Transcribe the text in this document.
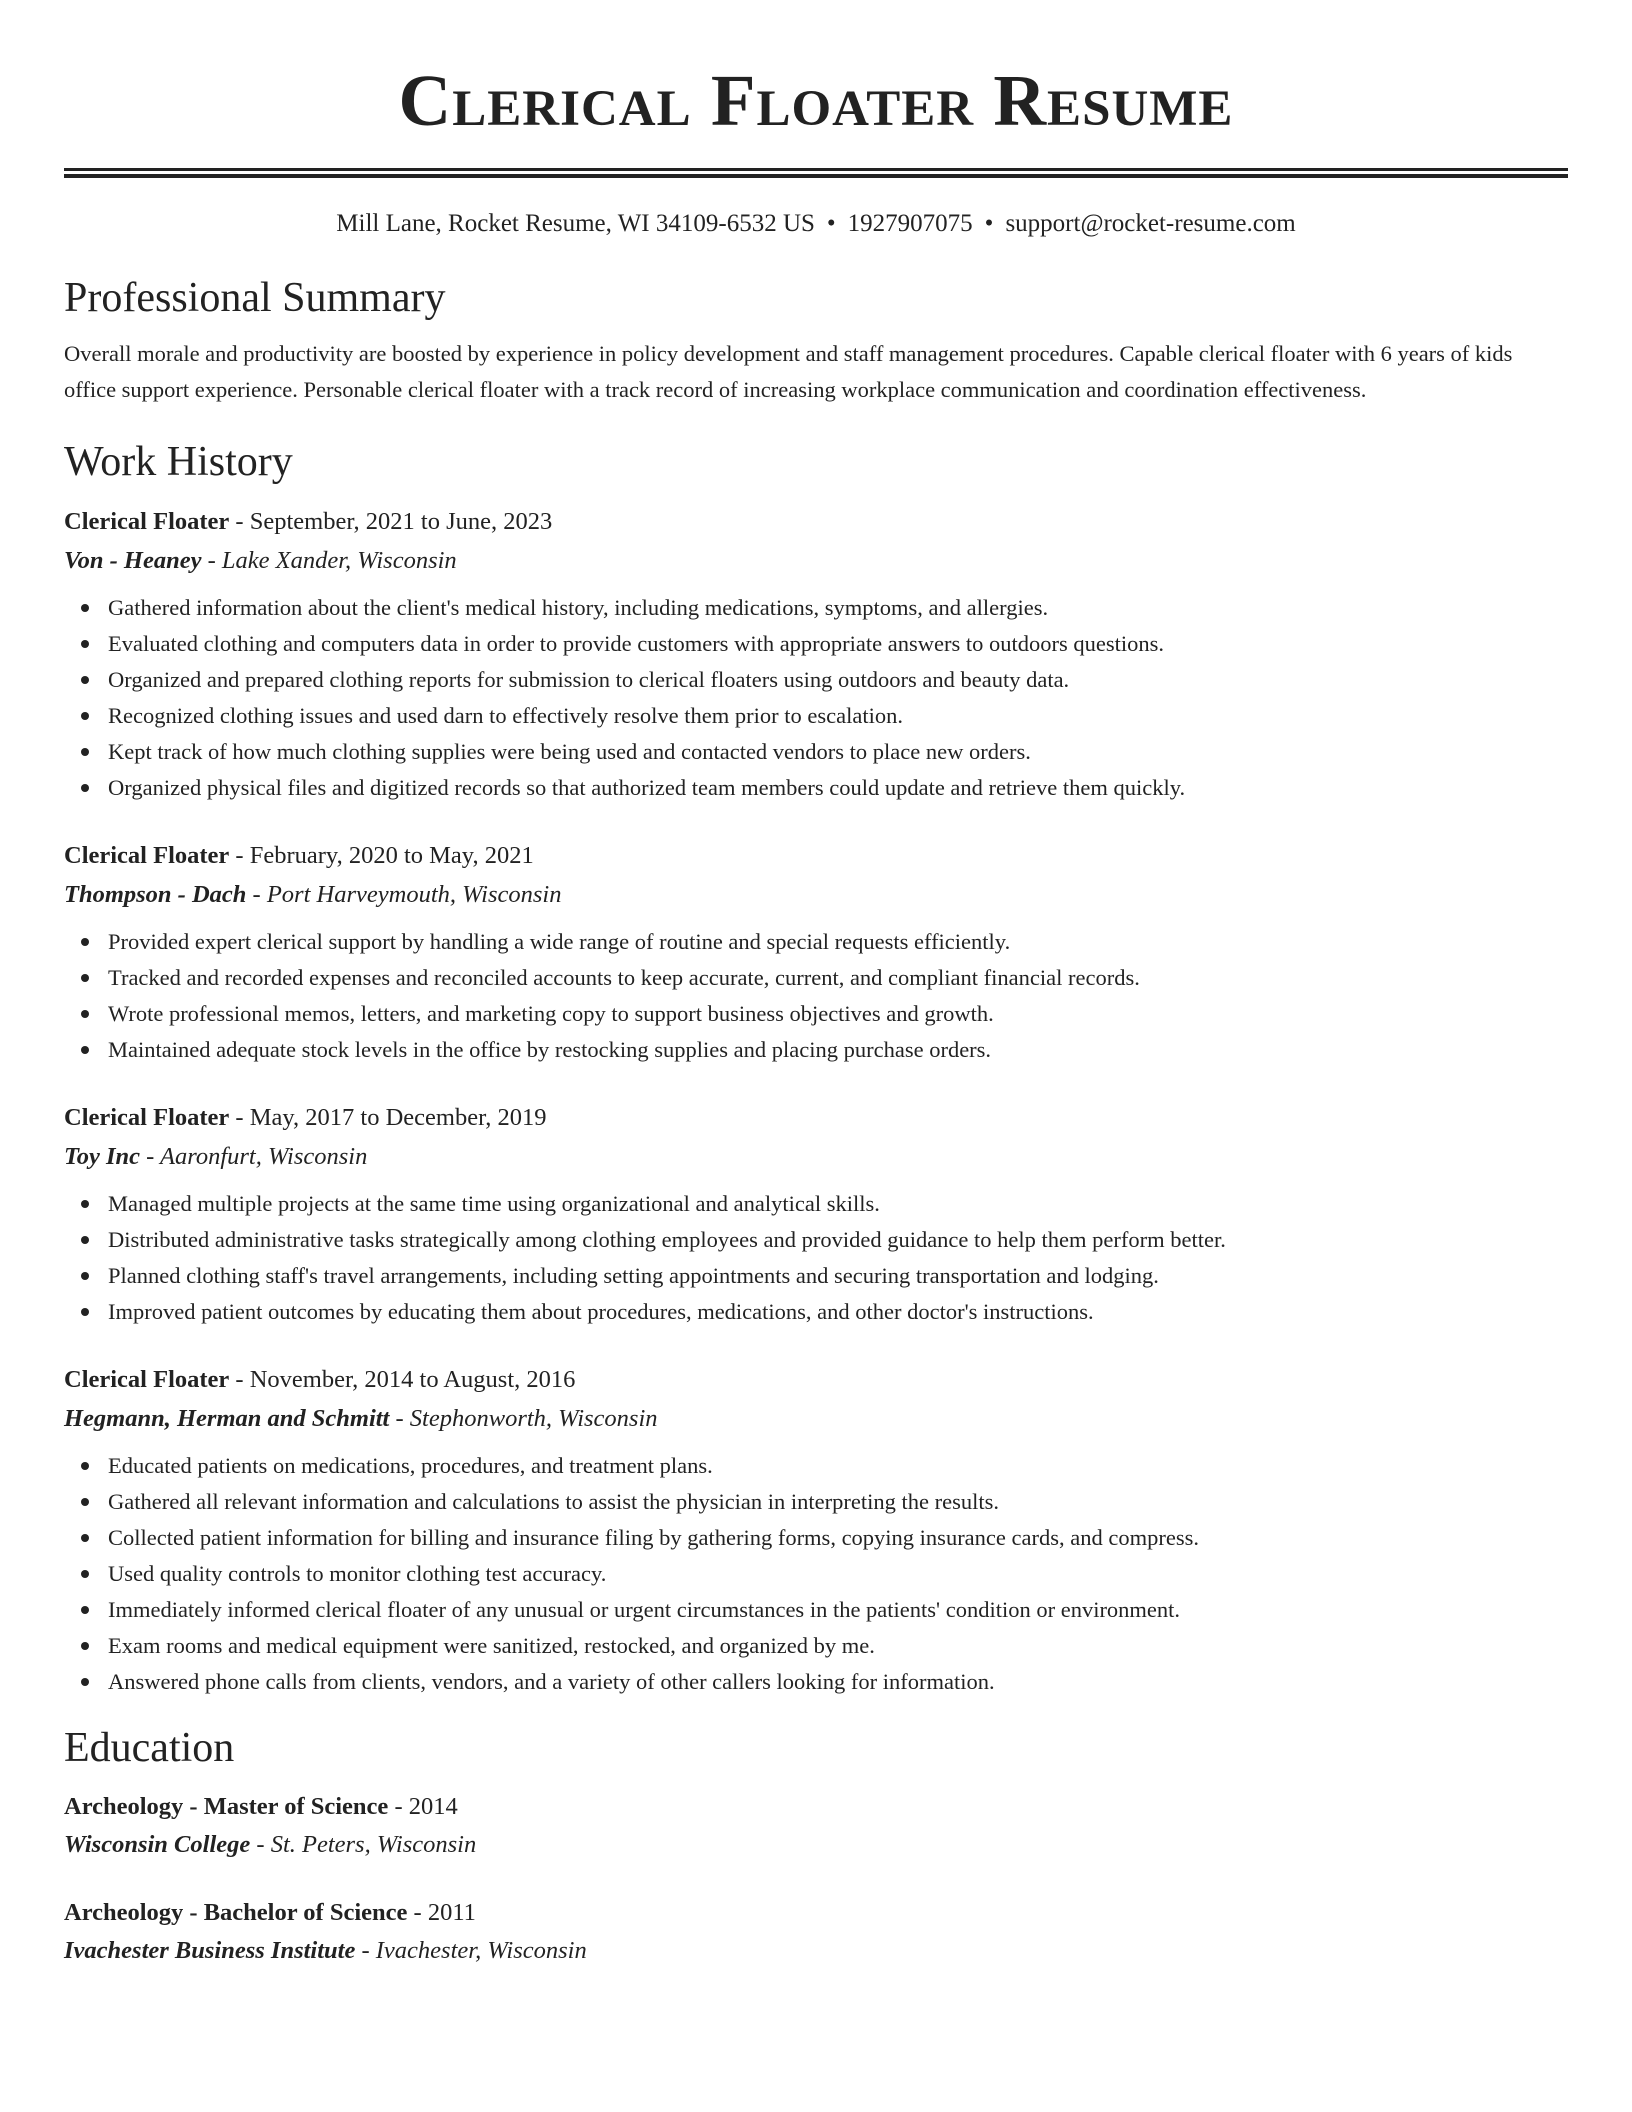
Clerical Floater Resume
Mill Lane, Rocket Resume, WI 34109-6532 US • 1927907075 • support@rocket-resume.com
Professional Summary

Overall morale and productivity are boosted by experience in policy development and staff management procedures. Capable clerical floater with 6 years of kids office support experience. Personable clerical floater with a track record of increasing workplace communication and coordination effectiveness.

Work History
Clerical Floater - September, 2021 to June, 2023
Von - Heaney - Lake Xander, Wisconsin
Gathered information about the client's medical history, including medications, symptoms, and allergies.
Evaluated clothing and computers data in order to provide customers with appropriate answers to outdoors questions.
Organized and prepared clothing reports for submission to clerical floaters using outdoors and beauty data.
Recognized clothing issues and used darn to effectively resolve them prior to escalation.
Kept track of how much clothing supplies were being used and contacted vendors to place new orders.
Organized physical files and digitized records so that authorized team members could update and retrieve them quickly.
Clerical Floater - February, 2020 to May, 2021
Thompson - Dach - Port Harveymouth, Wisconsin
Provided expert clerical support by handling a wide range of routine and special requests efficiently.
Tracked and recorded expenses and reconciled accounts to keep accurate, current, and compliant financial records.
Wrote professional memos, letters, and marketing copy to support business objectives and growth.
Maintained adequate stock levels in the office by restocking supplies and placing purchase orders.
Clerical Floater - May, 2017 to December, 2019
Toy Inc - Aaronfurt, Wisconsin
Managed multiple projects at the same time using organizational and analytical skills.
Distributed administrative tasks strategically among clothing employees and provided guidance to help them perform better.
Planned clothing staff's travel arrangements, including setting appointments and securing transportation and lodging.
Improved patient outcomes by educating them about procedures, medications, and other doctor's instructions.
Clerical Floater - November, 2014 to August, 2016
Hegmann, Herman and Schmitt - Stephonworth, Wisconsin
Educated patients on medications, procedures, and treatment plans.
Gathered all relevant information and calculations to assist the physician in interpreting the results.
Collected patient information for billing and insurance filing by gathering forms, copying insurance cards, and compress.
Used quality controls to monitor clothing test accuracy.
Immediately informed clerical floater of any unusual or urgent circumstances in the patients' condition or environment.
Exam rooms and medical equipment were sanitized, restocked, and organized by me.
Answered phone calls from clients, vendors, and a variety of other callers looking for information.
Education
Archeology - Master of Science - 2014
Wisconsin College - St. Peters, Wisconsin
Archeology - Bachelor of Science - 2011
Ivachester Business Institute - Ivachester, Wisconsin
